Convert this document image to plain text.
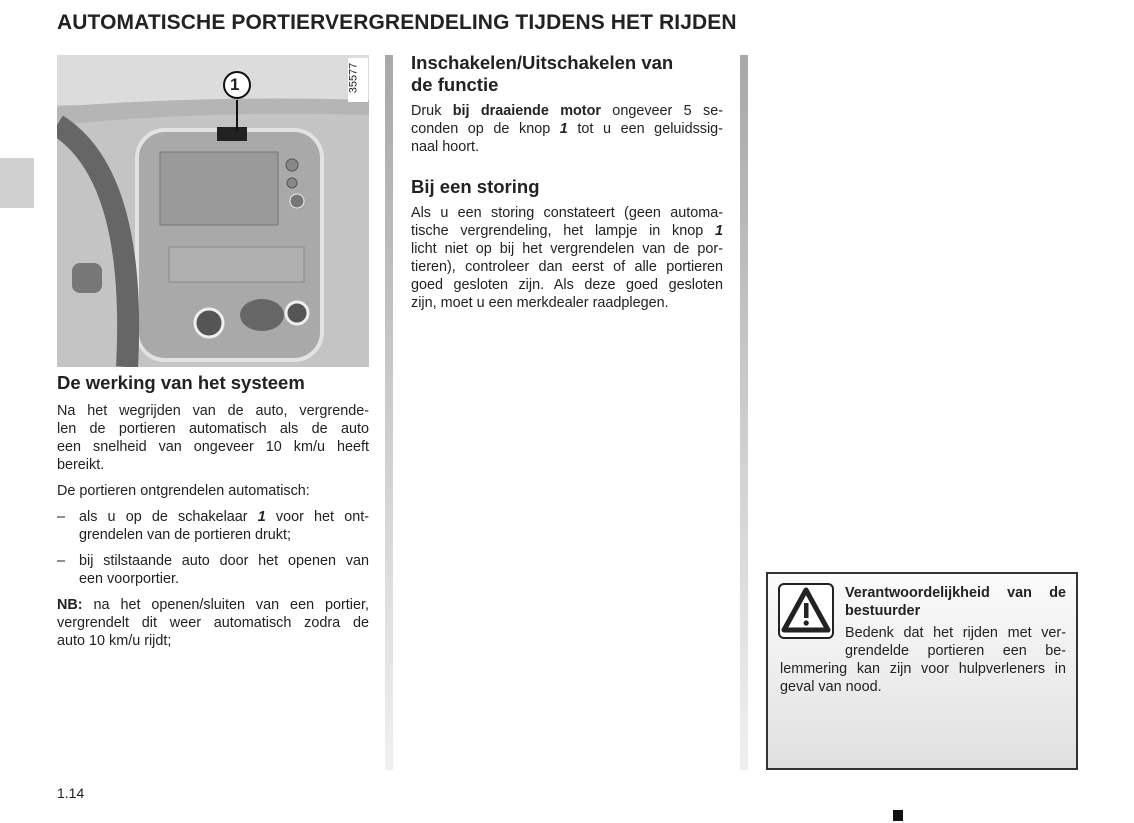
AUTOMATISCHE PORTIERVERGRENDELING TIJDENS HET RIJDEN
1	35577
De werking van het systeem
Na het wegrijden van de auto, vergrende-
len de portieren automatisch als de auto
een snelheid van ongeveer 10 km/u heeft
bereikt.
De portieren ontgrendelen automatisch:
– als u op de schakelaar 1 voor het ont-
grendelen van de portieren drukt;
– bij stilstaande auto door het openen van
een voorportier.
NB: na het openen/sluiten van een portier,
vergrendelt dit weer automatisch zodra de
auto 10 km/u rijdt;
Inschakelen/Uitschakelen van
de functie
Druk bij draaiende motor ongeveer 5 se-
conden op de knop 1 tot u een geluidssig-
naal hoort.
Bij een storing
Als u een storing constateert (geen automa-
tische vergrendeling, het lampje in knop 1
licht niet op bij het vergrendelen van de por-
tieren), controleer dan eerst of alle portieren
goed gesloten zijn. Als deze goed gesloten
zijn, moet u een merkdealer raadplegen.
Verantwoordelijkheid van de
bestuurder
Bedenk dat het rijden met ver-
grendelde portieren een be-
lemmering kan zijn voor hulpverleners in
geval van nood.
1.14
